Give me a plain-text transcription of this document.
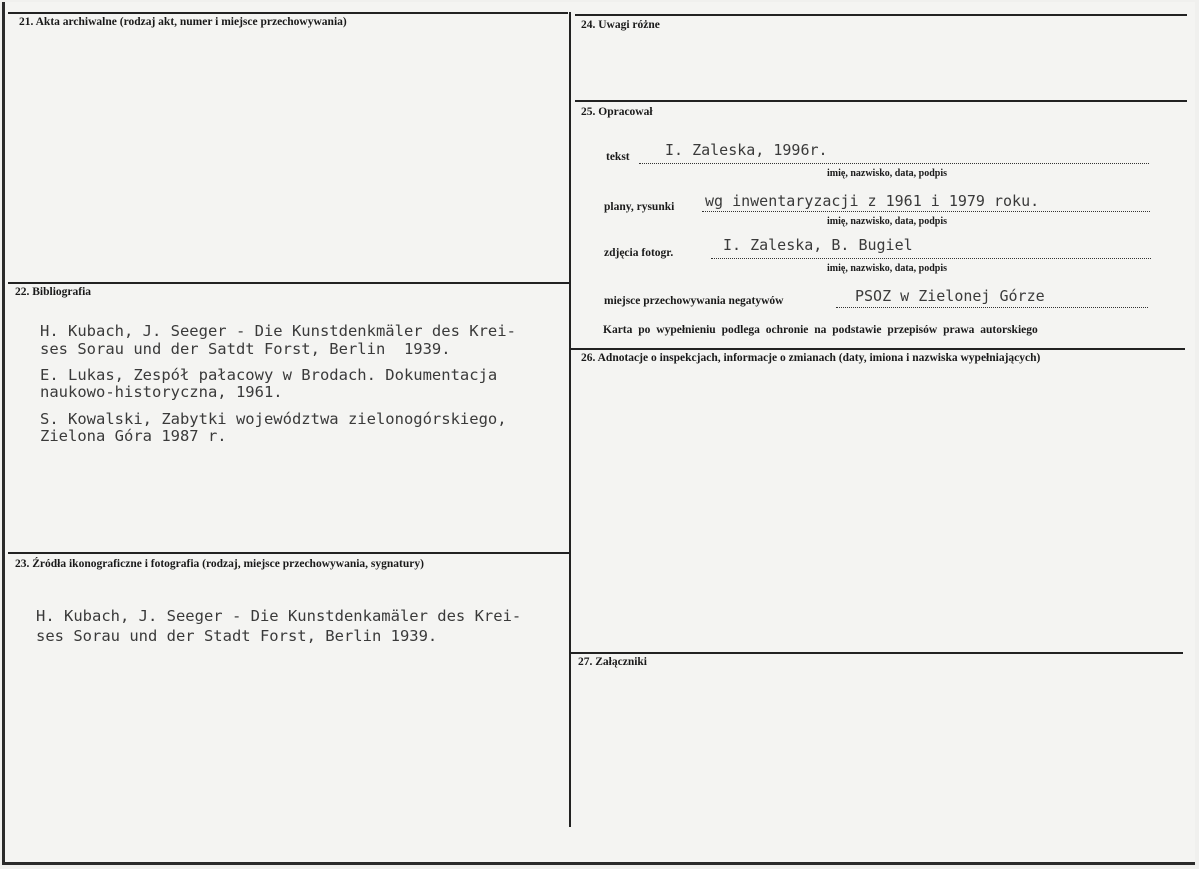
21. Akta archiwalne (rodzaj akt, numer i miejsce przechowywania)
22. Bibliografia
H. Kubach, J. Seeger - Die Kunstdenkmäler des Krei-
ses Sorau und der Satdt Forst, Berlin  1939.
E. Lukas, Zespół pałacowy w Brodach. Dokumentacja
naukowo-historyczna, 1961.
S. Kowalski, Zabytki województwa zielonogórskiego,
Zielona Góra 1987 r.
23. Źródła ikonograficzne i fotografia (rodzaj, miejsce przechowywania, sygnatury)
H. Kubach, J. Seeger - Die Kunstdenkamäler des Krei-
ses Sorau und der Stadt Forst, Berlin 1939.
24. Uwagi różne
25. Opracował
tekst I. Zaleska, 1996r.
imię, nazwisko, data, podpis
plany, rysunki wg inwentaryzacji z 1961 i 1979 roku.
imię, nazwisko, data, podpis
zdjęcia fotogr.	I. Zaleska, B. Bugiel
imię, nazwisko, data, podpis
miejsce przechowywania negatywów	PSOZ w Zielonej Górze
Karta po wypełnieniu podlega ochronie na podstawie przepisów prawa autorskiego
26. Adnotacje o inspekcjach, informacje o zmianach (daty, imiona i nazwiska wypełniających)
27. Załączniki
